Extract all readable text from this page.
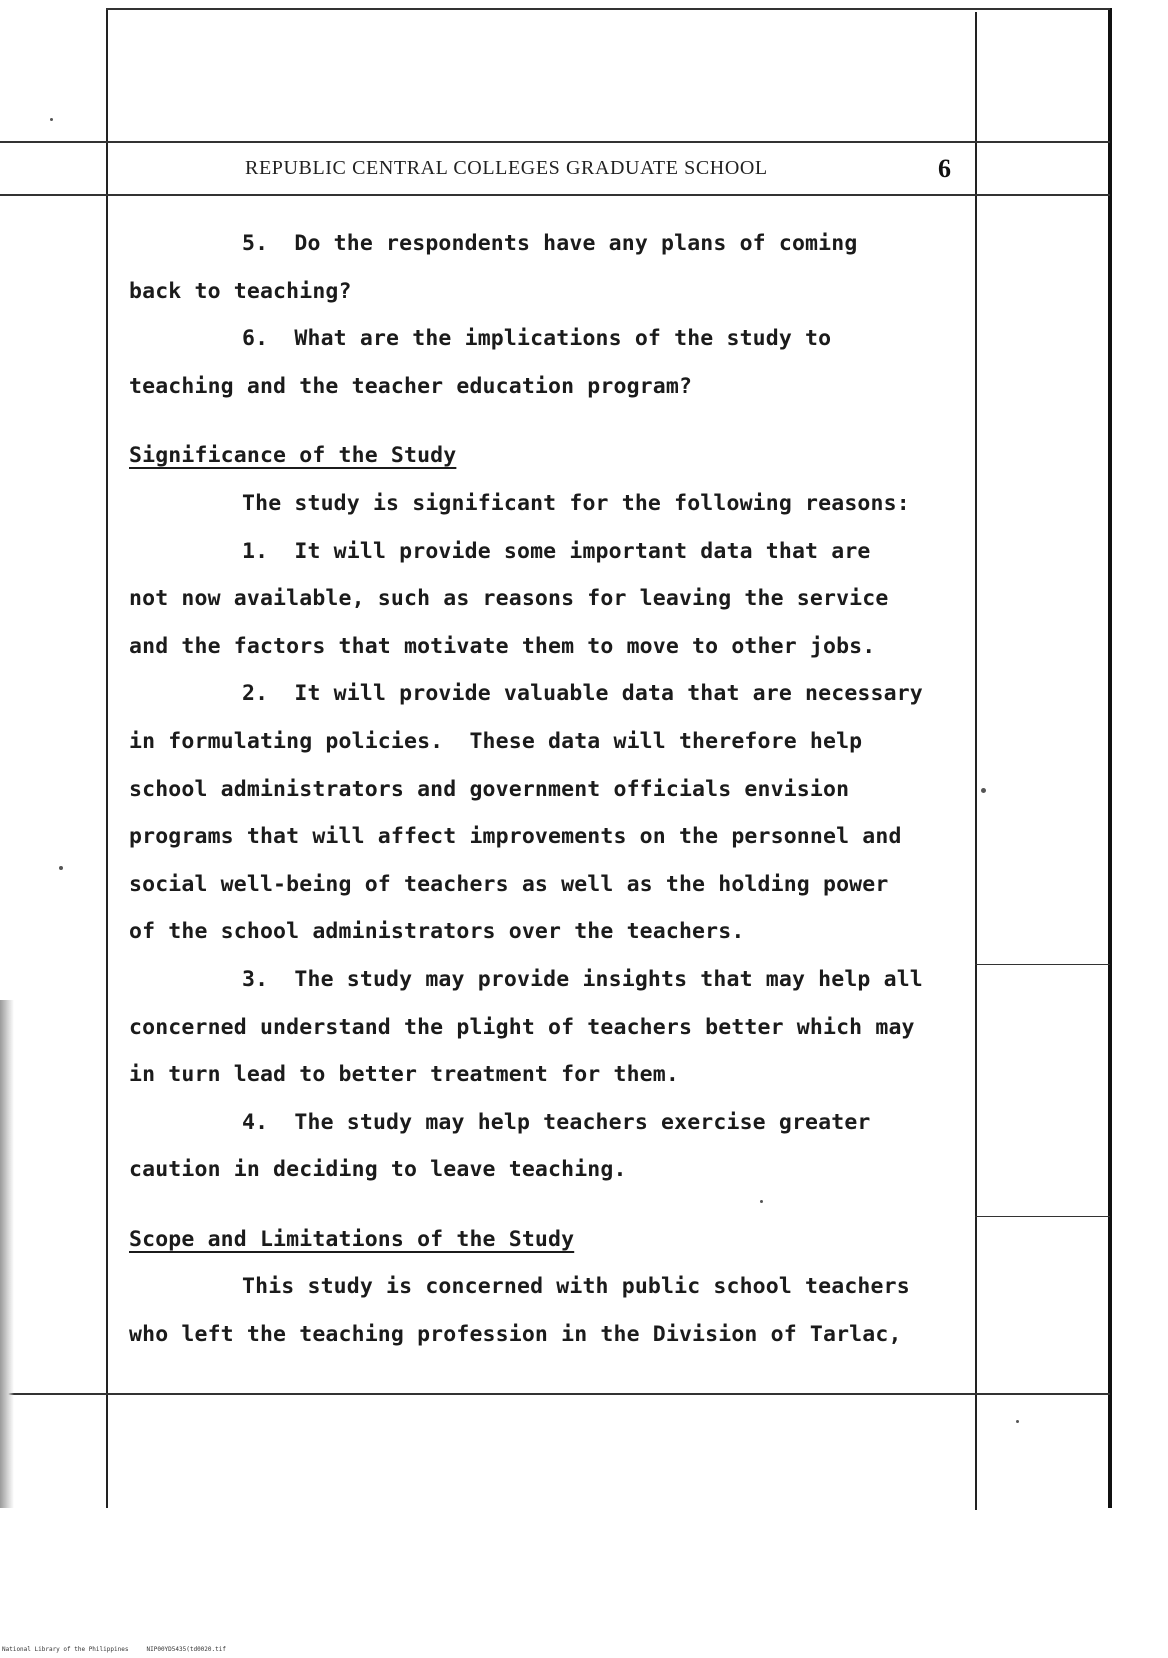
REPUBLIC CENTRAL COLLEGES GRADUATE SCHOOL	6
5.  Do the respondents have any plans of coming
back to teaching?
6.  What are the implications of the study to
teaching and the teacher education program?
Significance of the Study
The study is significant for the following reasons:
1.  It will provide some important data that are
not now available, such as reasons for leaving the service
and the factors that motivate them to move to other jobs.
2.  It will provide valuable data that are necessary
in formulating policies.  These data will therefore help
school administrators and government officials envision
programs that will affect improvements on the personnel and
social well-being of teachers as well as the holding power
of the school administrators over the teachers.
3.  The study may provide insights that may help all
concerned understand the plight of teachers better which may
in turn lead to better treatment for them.
4.  The study may help teachers exercise greater
caution in deciding to leave teaching.
Scope and Limitations of the Study
This study is concerned with public school teachers
who left the teaching profession in the Division of Tarlac,
National Library of the Philippines     NIP00YD5435(td0020.tif
